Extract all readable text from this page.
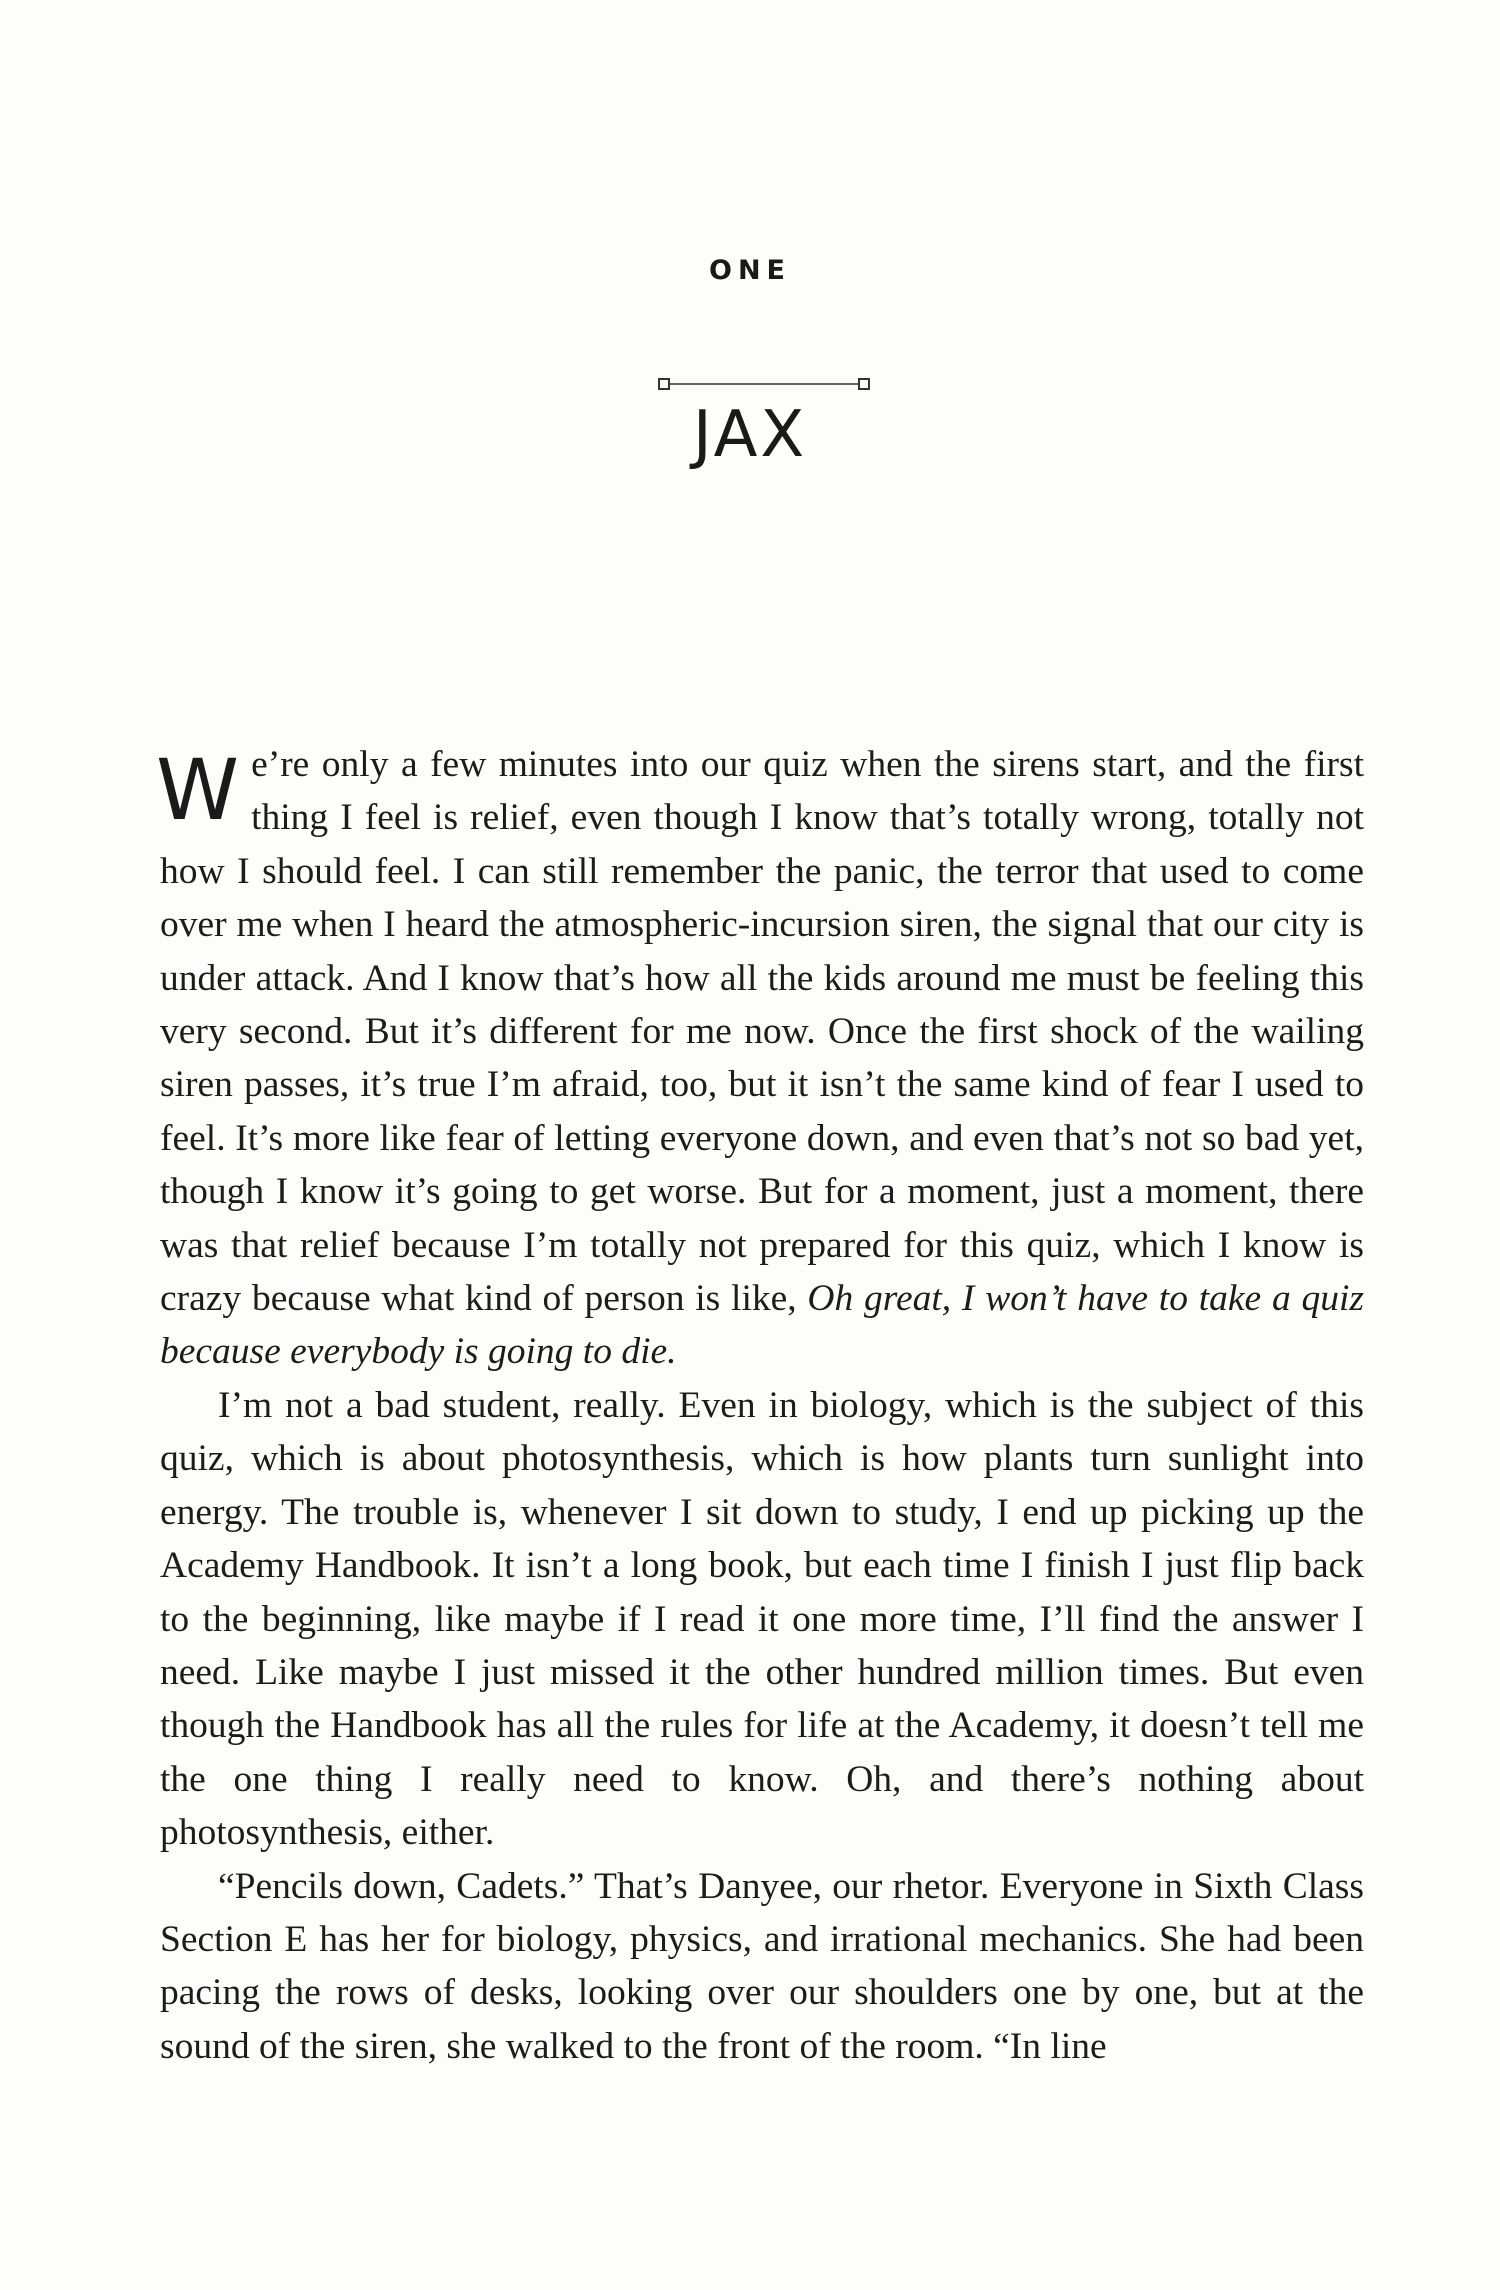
ONE
JAX

We’re only a few minutes into our quiz when the sirens start, and the first thing I feel is relief, even though I know that’s totally wrong, totally not how I should feel. I can still remember the panic, the terror that used to come over me when I heard the atmospheric-incursion siren, the signal that our city is under attack. And I know that’s how all the kids around me must be feeling this very second. But it’s different for me now. Once the first shock of the wailing siren passes, it’s true I’m afraid, too, but it isn’t the same kind of fear I used to feel. It’s more like fear of letting everyone down, and even that’s not so bad yet, though I know it’s going to get worse. But for a moment, just a moment, there was that relief because I’m totally not prepared for this quiz, which I know is crazy because what kind of person is like, Oh great, I won’t have to take a quiz because everybody is going to die.

I’m not a bad student, really. Even in biology, which is the subject of this quiz, which is about photosynthesis, which is how plants turn sunlight into energy. The trouble is, whenever I sit down to study, I end up picking up the Academy Handbook. It isn’t a long book, but each time I finish I just flip back to the beginning, like maybe if I read it one more time, I’ll find the answer I need. Like maybe I just missed it the other hundred million times. But even though the Handbook has all the rules for life at the Academy, it doesn’t tell me the one thing I really need to know. Oh, and there’s nothing about photosynthesis, either.

“Pencils down, Cadets.” That’s Danyee, our rhetor. Everyone in Sixth Class Section E has her for biology, physics, and irrational mechanics. She had been pacing the rows of desks, looking over our shoulders one by one, but at the sound of the siren, she walked to the front of the room. “In line
